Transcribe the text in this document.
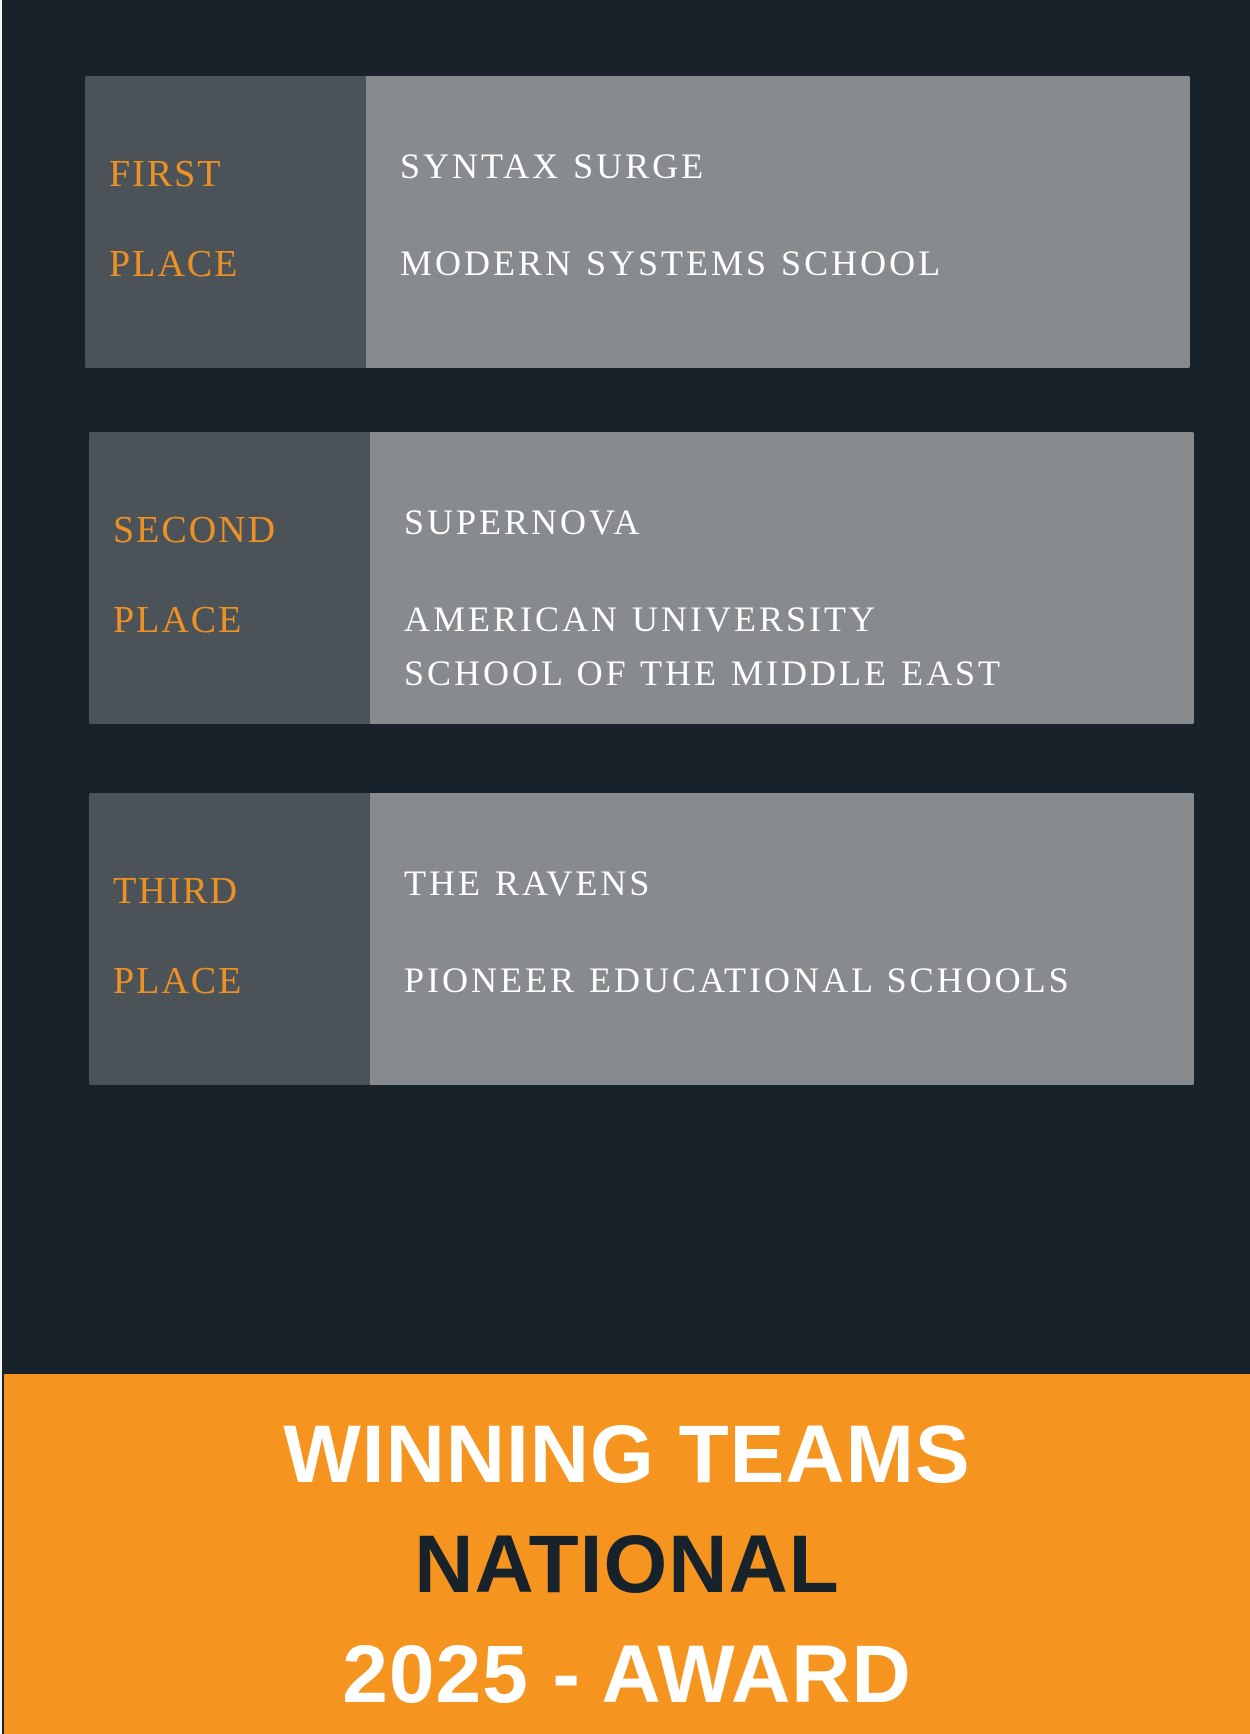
FIRST
PLACE
SYNTAX SURGE
MODERN SYSTEMS SCHOOL
SECOND
PLACE
SUPERNOVA
AMERICAN UNIVERSITY
SCHOOL OF THE MIDDLE EAST
THIRD
PLACE
THE RAVENS
PIONEER EDUCATIONAL SCHOOLS
WINNING TEAMS
NATIONAL
2025 - AWARD
